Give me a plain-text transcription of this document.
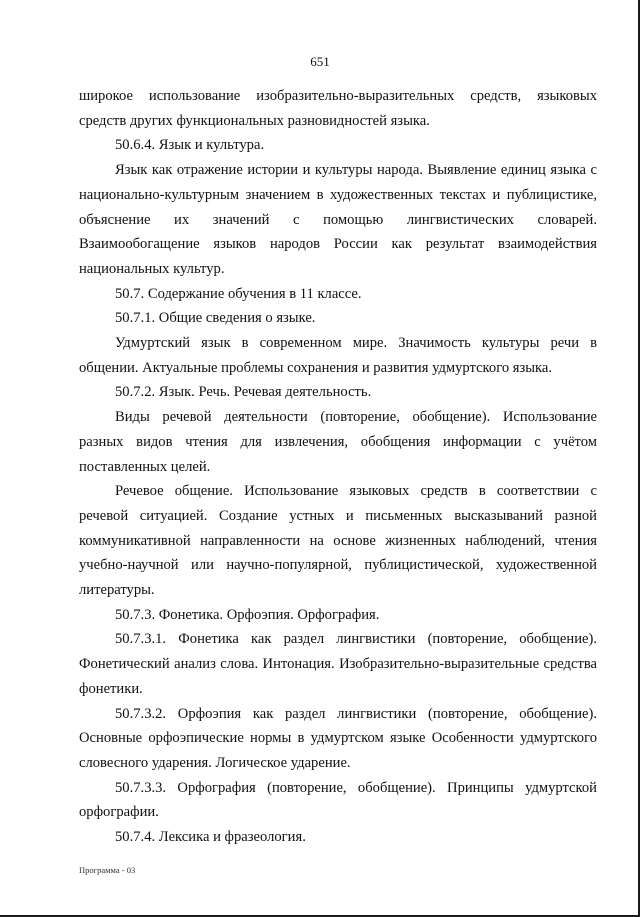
651

широкое использование изобразительно-выразительных средств, языковых средств других функциональных разновидностей языка.

50.6.4. Язык и культура.

Язык как отражение истории и культуры народа. Выявление единиц языка с национально-культурным значением в художественных текстах и публицистике, объяснение их значений с помощью лингвистических словарей. Взаимообогащение языков народов России как результат взаимодействия национальных культур.

50.7. Содержание обучения в 11 классе.

50.7.1. Общие сведения о языке.

Удмуртский язык в современном мире. Значимость культуры речи в общении. Актуальные проблемы сохранения и развития удмуртского языка.

50.7.2. Язык. Речь. Речевая деятельность.

Виды речевой деятельности (повторение, обобщение). Использование разных видов чтения для извлечения, обобщения информации с учётом поставленных целей.

Речевое общение. Использование языковых средств в соответствии с речевой ситуацией. Создание устных и письменных высказываний разной коммуникативной направленности на основе жизненных наблюдений, чтения учебно-научной или научно-популярной, публицистической, художественной литературы.

50.7.3. Фонетика. Орфоэпия. Орфография.

50.7.3.1. Фонетика как раздел лингвистики (повторение, обобщение). Фонетический анализ слова. Интонация. Изобразительно-выразительные средства фонетики.

50.7.3.2. Орфоэпия как раздел лингвистики (повторение, обобщение). Основные орфоэпические нормы в удмуртском языке Особенности удмуртского словесного ударения. Логическое ударение.

50.7.3.3. Орфография (повторение, обобщение). Принципы удмуртской орфографии.

50.7.4. Лексика и фразеология.

Программа - 03
